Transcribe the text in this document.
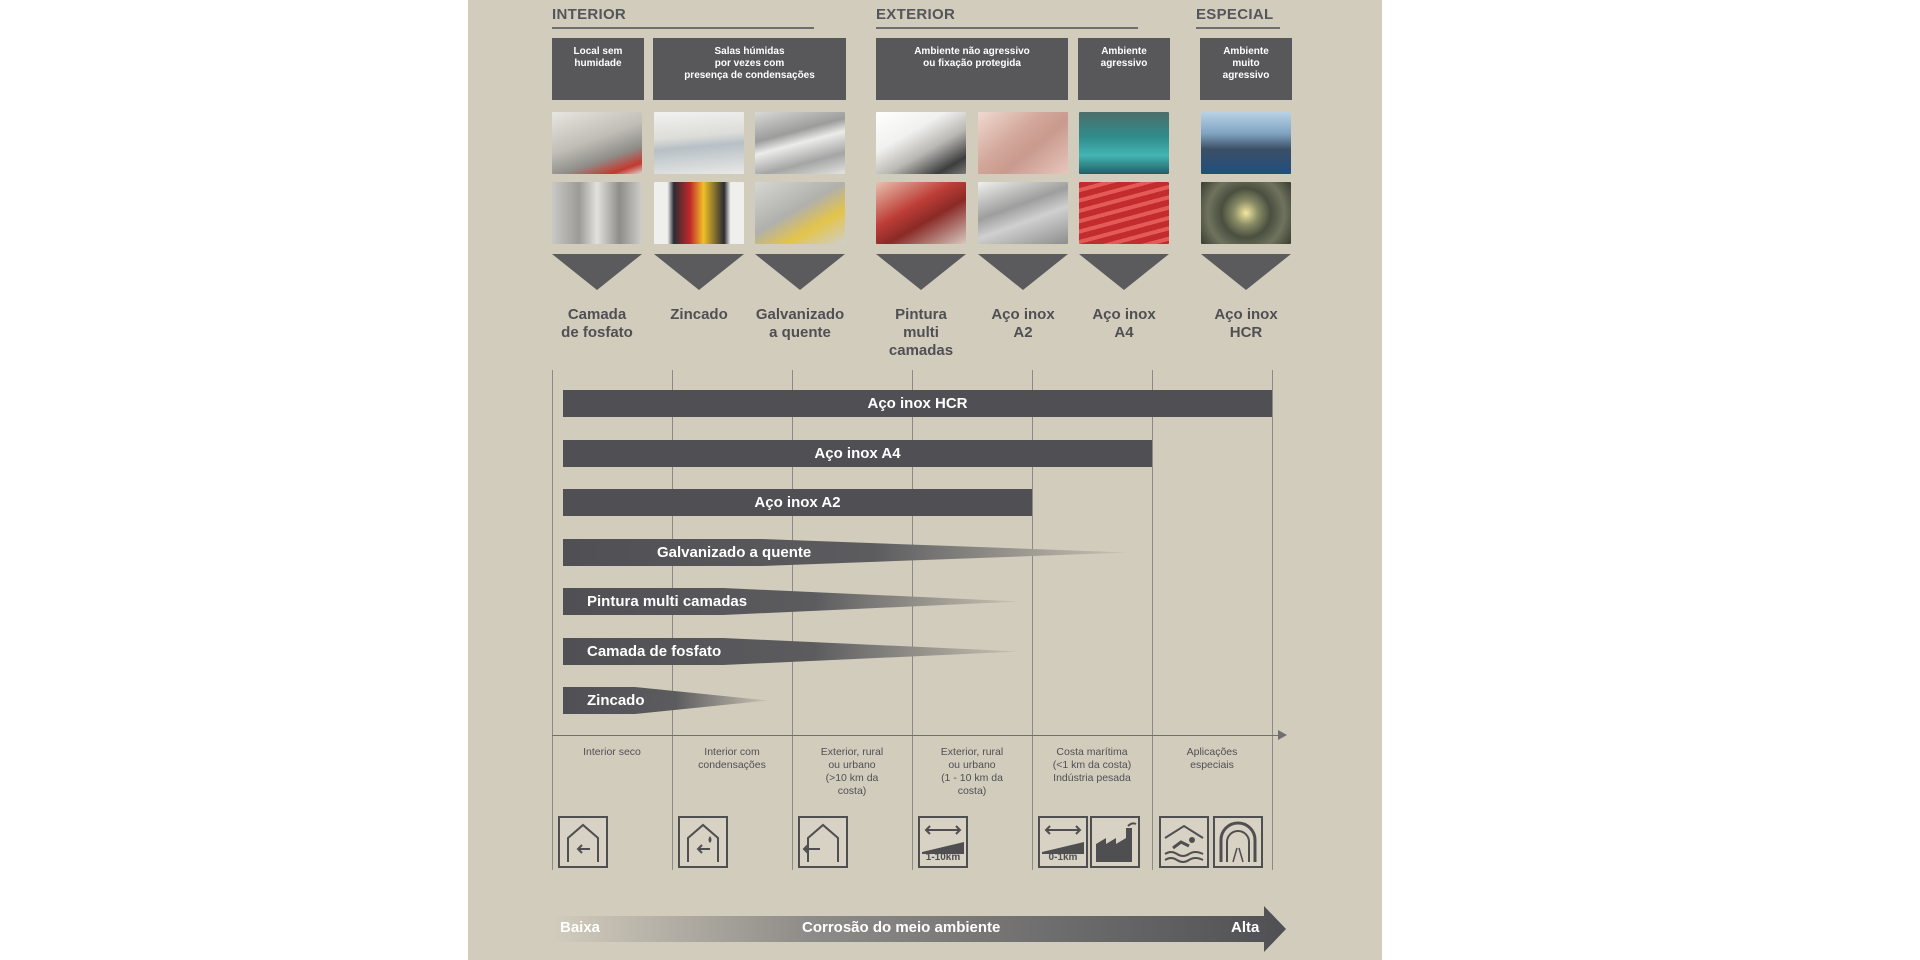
INTERIOR	EXTERIOR	ESPECIAL
Local sem
humidade
Salas húmidas
por vezes com
presença de condensações
Ambiente não agressivo
ou fixação protegida
Ambiente
agressivo
Ambiente
muito
agressivo
Camada
de fosfato
Zincado	Galvanizado
a quente
Pintura
multi
camadas
Aço inox
A2
Aço inox
A4
Aço inox
HCR
Aço inox HCR
Aço inox A4
Aço inox A2
Galvanizado a quente
Pintura multi camadas
Camada de fosfato
Zincado
Interior seco	Interior com
condensações
Exterior, rural
ou urbano
(>10 km da
costa)
Exterior, rural
ou urbano
(1 - 10 km da
costa)
Costa marítima
(<1 km da costa)
Indústria pesada
Aplicações
especiais
1-10km	0-1km
Baixa	Corrosão do meio ambiente	Alta
